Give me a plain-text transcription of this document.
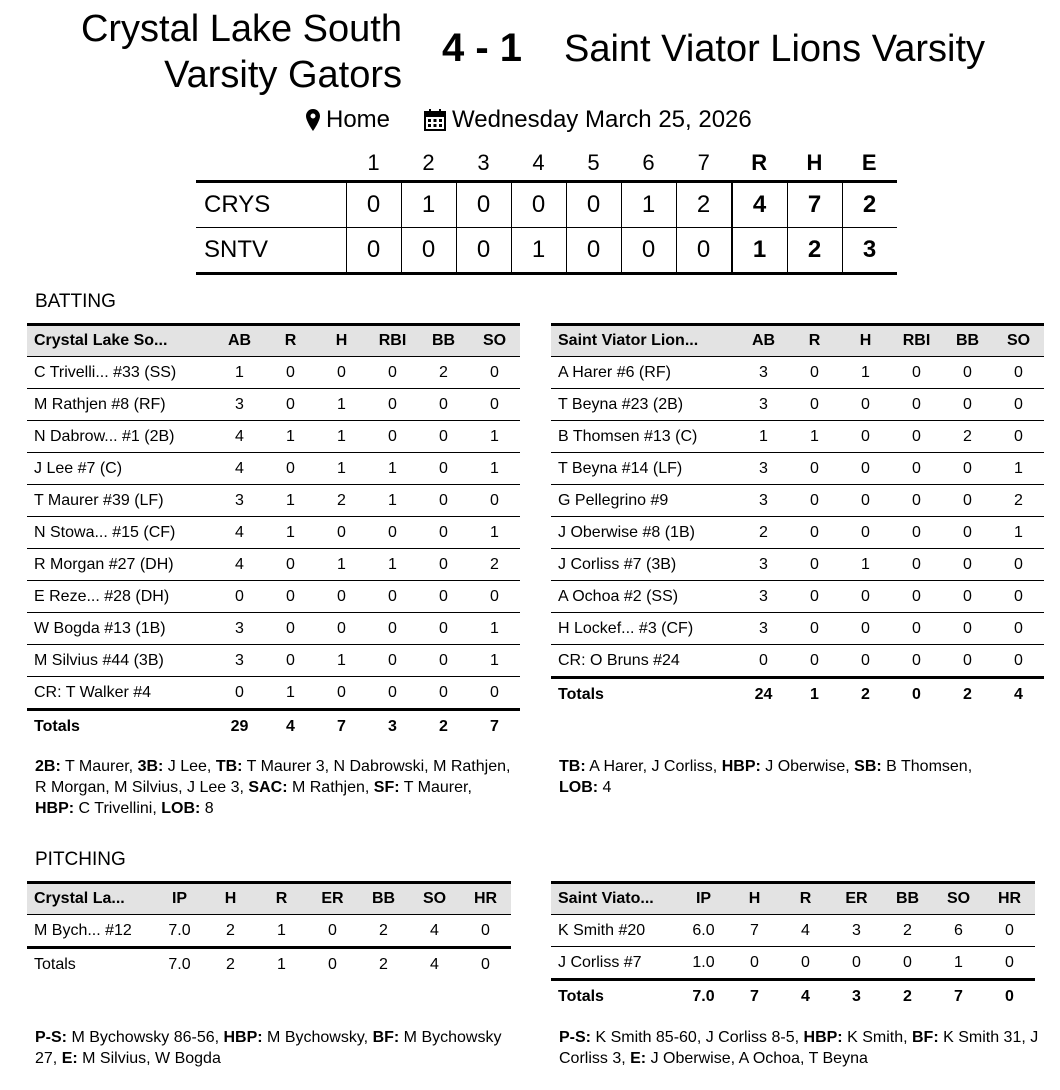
Crystal Lake South
Varsity Gators
4 - 1 Saint Viator Lions Varsity
Home	Wednesday March 25, 2026
	1	2	3	4	5	6	7	R	H	E
CRYS	0	1	0	0	0	1	2	4	7	2
SNTV	0	0	0	1	0	0	0	1	2	3
BATTING
Crystal Lake So...	AB	R	H	RBI	BB	SO
C Trivelli... #33 (SS)	1	0	0	0	2	0
M Rathjen #8 (RF)	3	0	1	0	0	0
N Dabrow... #1 (2B)	4	1	1	0	0	1
J Lee #7 (C)	4	0	1	1	0	1
T Maurer #39 (LF)	3	1	2	1	0	0
N Stowa... #15 (CF)	4	1	0	0	0	1
R Morgan #27 (DH)	4	0	1	1	0	2
E Reze... #28 (DH)	0	0	0	0	0	0
W Bogda #13 (1B)	3	0	0	0	0	1
M Silvius #44 (3B)	3	0	1	0	0	1
CR: T Walker #4	0	1	0	0	0	0
Totals	29	4	7	3	2	7
Saint Viator Lion...	AB	R	H	RBI	BB	SO
A Harer #6 (RF)	3	0	1	0	0	0
T Beyna #23 (2B)	3	0	0	0	0	0
B Thomsen #13 (C)	1	1	0	0	2	0
T Beyna #14 (LF)	3	0	0	0	0	1
G Pellegrino #9	3	0	0	0	0	2
J Oberwise #8 (1B)	2	0	0	0	0	1
J Corliss #7 (3B)	3	0	1	0	0	0
A Ochoa #2 (SS)	3	0	0	0	0	0
H Lockef... #3 (CF)	3	0	0	0	0	0
CR: O Bruns #24	0	0	0	0	0	0
Totals	24	1	2	0	2	4
2B: T Maurer, 3B: J Lee, TB: T Maurer 3, N Dabrowski, M Rathjen, R Morgan, M Silvius, J Lee 3, SAC: M Rathjen, SF: T Maurer, HBP: C Trivellini, LOB: 8
TB: A Harer, J Corliss, HBP: J Oberwise, SB: B Thomsen, LOB: 4
PITCHING
Crystal La...	IP	H	R	ER	BB	SO	HR
M Bych... #12	7.0	2	1	0	2	4	0
Totals	7.0	2	1	0	2	4	0
Saint Viato...	IP	H	R	ER	BB	SO	HR
K Smith #20	6.0	7	4	3	2	6	0
J Corliss #7	1.0	0	0	0	0	1	0
Totals	7.0	7	4	3	2	7	0
P-S: M Bychowsky 86-56, HBP: M Bychowsky, BF: M Bychowsky 27, E: M Silvius, W Bogda
P-S: K Smith 85-60, J Corliss 8-5, HBP: K Smith, BF: K Smith 31, J Corliss 3, E: J Oberwise, A Ochoa, T Beyna
